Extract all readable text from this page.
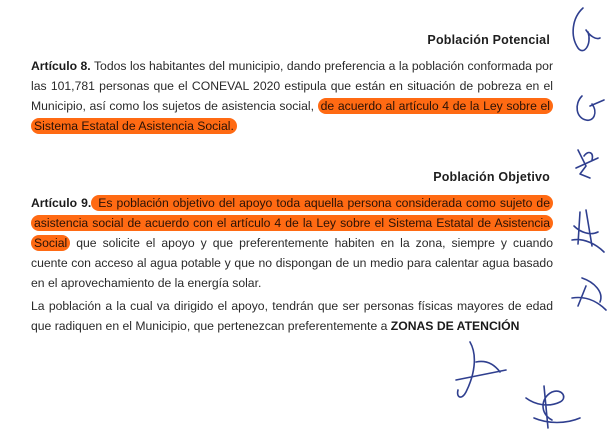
Población Potencial
Artículo 8. Todos los habitantes del municipio, dando preferencia a la población conformada por las 101,781 personas que el CONEVAL 2020 estipula que están en situación de pobreza en el Municipio, así como los sujetos de asistencia social, de acuerdo al artículo 4 de la Ley sobre el Sistema Estatal de Asistencia Social.
Población Objetivo
Artículo 9. Es población objetivo del apoyo toda aquella persona considerada como sujeto de asistencia social de acuerdo con el artículo 4 de la Ley sobre el Sistema Estatal de Asistencia Social que solicite el apoyo y que preferentemente habiten en la zona, siempre y cuando cuente con acceso al agua potable y que no dispongan de un medio para calentar agua basado en el aprovechamiento de la energía solar.
La población a la cual va dirigido el apoyo, tendrán que ser personas físicas mayores de edad que radiquen en el Municipio, que pertenezcan preferentemente a ZONAS DE ATENCIÓN
